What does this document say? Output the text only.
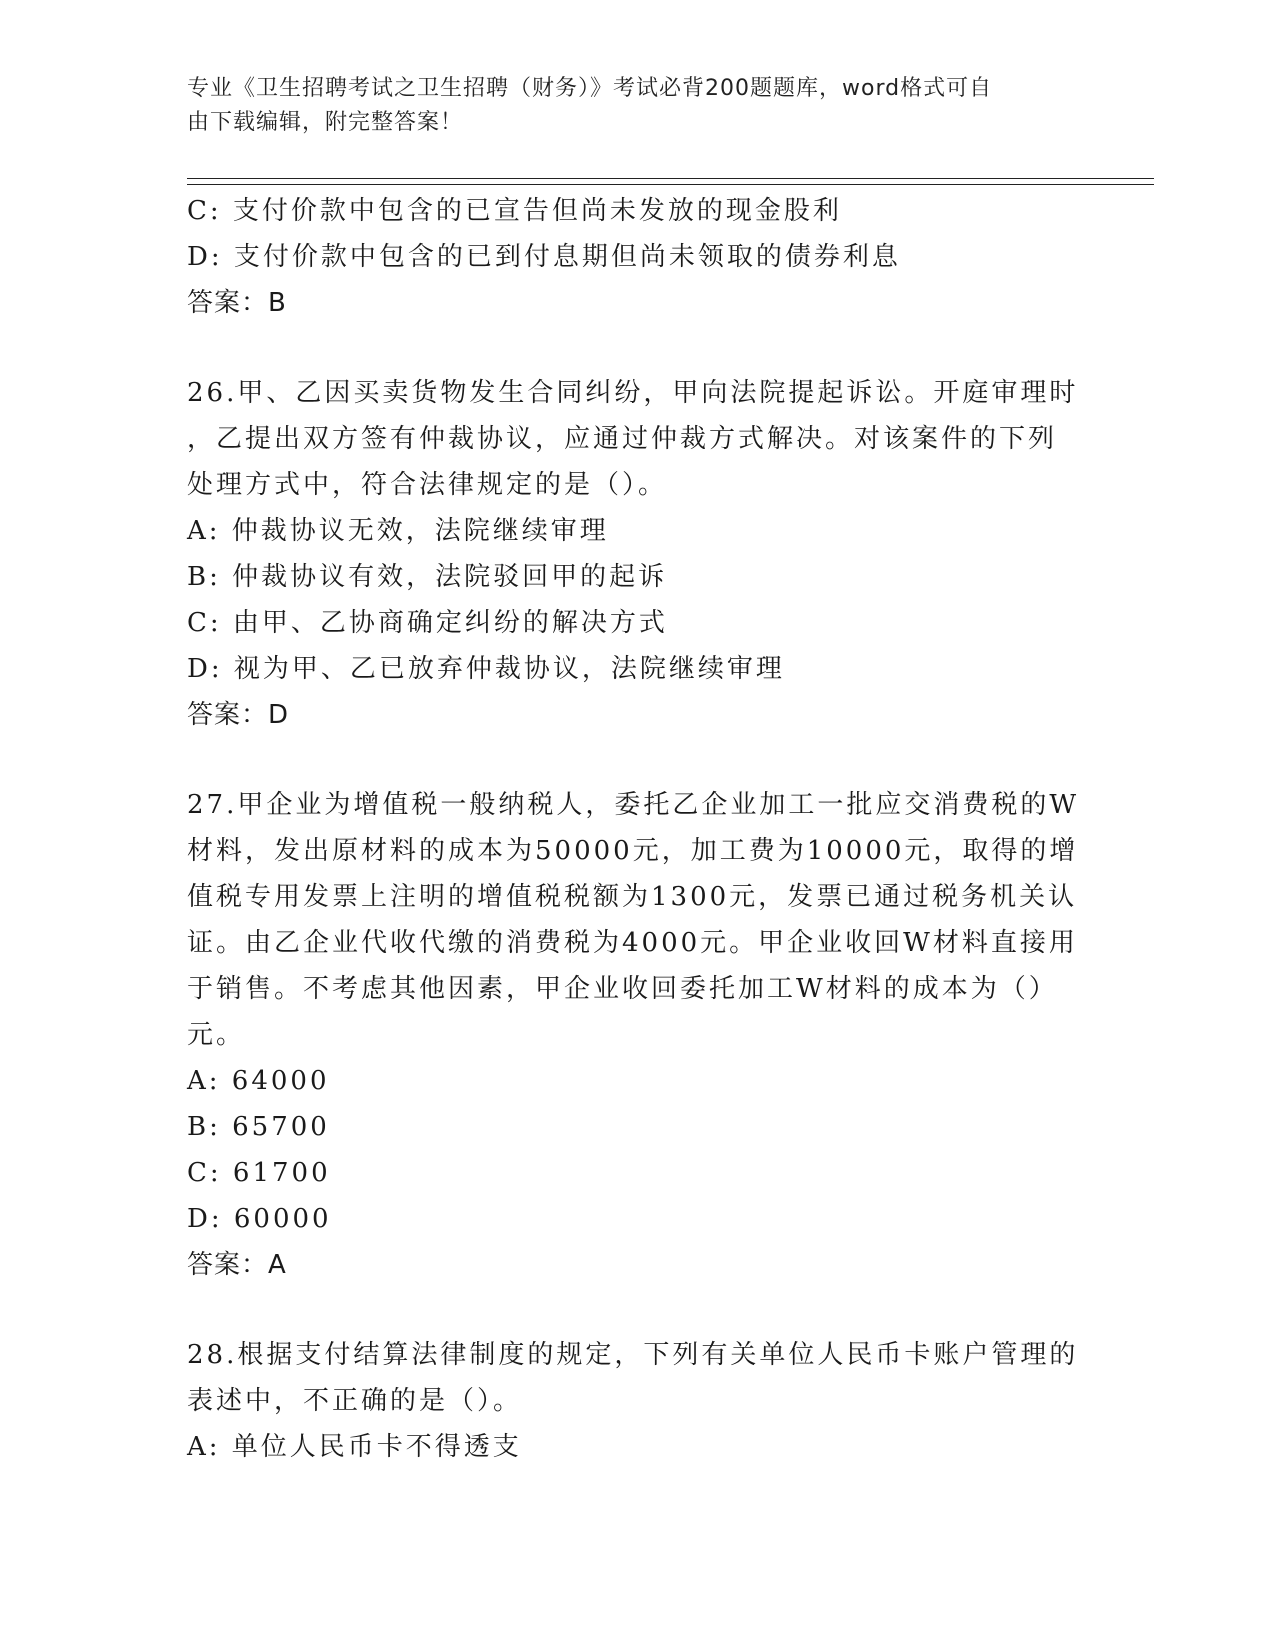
专业《卫生招聘考试之卫生招聘（财务）》考试必背200题题库，word格式可自
由下载编辑，附完整答案！
C: 支付价款中包含的已宣告但尚未发放的现金股利
D: 支付价款中包含的已到付息期但尚未领取的债券利息
答案：B
26.甲、乙因买卖货物发生合同纠纷，甲向法院提起诉讼。开庭审理时
，乙提出双方签有仲裁协议，应通过仲裁方式解决。对该案件的下列
处理方式中，符合法律规定的是（）。
A: 仲裁协议无效，法院继续审理
B: 仲裁协议有效，法院驳回甲的起诉
C: 由甲、乙协商确定纠纷的解决方式
D: 视为甲、乙已放弃仲裁协议，法院继续审理
答案：D
27.甲企业为增值税一般纳税人，委托乙企业加工一批应交消费税的W
材料，发出原材料的成本为50000元，加工费为10000元，取得的增
值税专用发票上注明的增值税税额为1300元，发票已通过税务机关认
证。由乙企业代收代缴的消费税为4000元。甲企业收回W材料直接用
于销售。不考虑其他因素，甲企业收回委托加工W材料的成本为（）
元。
A: 64000
B: 65700
C: 61700
D: 60000
答案：A
28.根据支付结算法律制度的规定，下列有关单位人民币卡账户管理的
表述中，不正确的是（）。
A: 单位人民币卡不得透支
